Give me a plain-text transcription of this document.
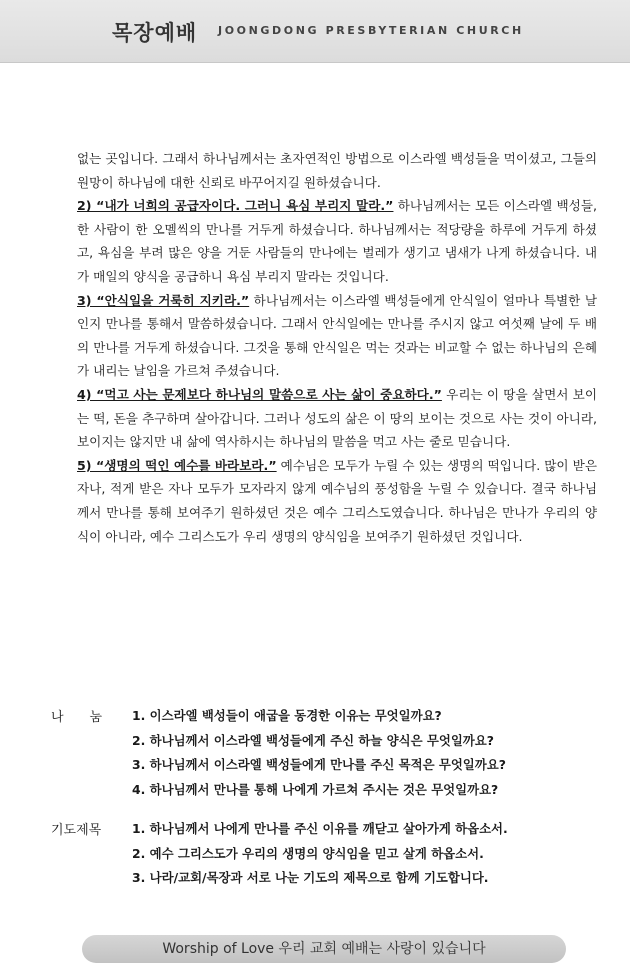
목장예배 JOONGDONG PRESBYTERIAN CHURCH

없는 곳입니다. 그래서 하나님께서는 초자연적인 방법으로 이스라엘 백성들을 먹이셨고, 그들의 원망이 하나님에 대한 신뢰로 바꾸어지길 원하셨습니다.

2) “내가 너희의 공급자이다. 그러니 욕심 부리지 말라.” 하나님께서는 모든 이스라엘 백성들, 한 사람이 한 오멜씩의 만나를 거두게 하셨습니다. 하나님께서는 적당량을 하루에 거두게 하셨고, 욕심을 부려 많은 양을 거둔 사람들의 만나에는 벌레가 생기고 냄새가 나게 하셨습니다. 내가 매일의 양식을 공급하니 욕심 부리지 말라는 것입니다.

3) “안식일을 거룩히 지키라.” 하나님께서는 이스라엘 백성들에게 안식일이 얼마나 특별한 날인지 만나를 통해서 말씀하셨습니다. 그래서 안식일에는 만나를 주시지 않고 여섯째 날에 두 배의 만나를 거두게 하셨습니다. 그것을 통해 안식일은 먹는 것과는 비교할 수 없는 하나님의 은혜가 내리는 날임을 가르쳐 주셨습니다.

4) “먹고 사는 문제보다 하나님의 말씀으로 사는 삶이 중요하다.” 우리는 이 땅을 살면서 보이는 떡, 돈을 추구하며 살아갑니다. 그러나 성도의 삶은 이 땅의 보이는 것으로 사는 것이 아니라, 보이지는 않지만 내 삶에 역사하시는 하나님의 말씀을 먹고 사는 줄로 믿습니다.

5) “생명의 떡인 예수를 바라보라.” 예수님은 모두가 누릴 수 있는 생명의 떡입니다. 많이 받은 자나, 적게 받은 자나 모두가 모자라지 않게 예수님의 풍성함을 누릴 수 있습니다. 결국 하나님께서 만나를 통해 보여주기 원하셨던 것은 예수 그리스도였습니다. 하나님은 만나가 우리의 양식이 아니라, 예수 그리스도가 우리 생명의 양식임을 보여주기 원하셨던 것입니다.

나　　눔 1. 이스라엘 백성들이 애굽을 동경한 이유는 무엇일까요?
2. 하나님께서 이스라엘 백성들에게 주신 하늘 양식은 무엇일까요?
3. 하나님께서 이스라엘 백성들에게 만나를 주신 목적은 무엇일까요?
4. 하나님께서 만나를 통해 나에게 가르쳐 주시는 것은 무엇일까요?
기도제목 1. 하나님께서 나에게 만나를 주신 이유를 깨닫고 살아가게 하옵소서.
2. 예수 그리스도가 우리의 생명의 양식임을 믿고 살게 하옵소서.
3. 나라/교회/목장과 서로 나눈 기도의 제목으로 함께 기도합니다.
Worship of Love 우리 교회 예배는 사랑이 있습니다
